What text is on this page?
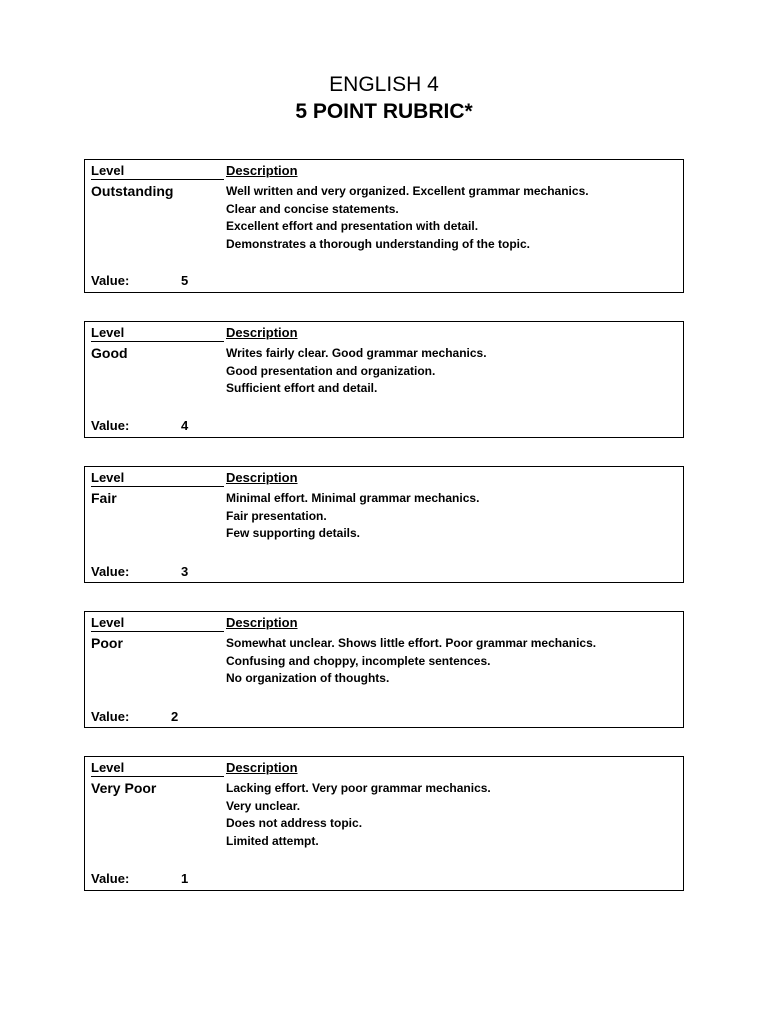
ENGLISH 4
5 POINT RUBRIC*
Level	Description
Outstanding	Well written and very organized. Excellent grammar mechanics.
Clear and concise statements.
Excellent effort and presentation with detail.
Demonstrates a thorough understanding of the topic.
Value:	5
Level	Description
Good	Writes fairly clear. Good grammar mechanics.
Good presentation and organization.
Sufficient effort and detail.
Value:	4
Level	Description
Fair	Minimal effort. Minimal grammar mechanics.
Fair presentation.
Few supporting details.
Value:	3
Level	Description
Poor	Somewhat unclear. Shows little effort. Poor grammar mechanics.
Confusing and choppy, incomplete sentences.
No organization of thoughts.
Value:	2
Level	Description
Very Poor	Lacking effort. Very poor grammar mechanics.
Very unclear.
Does not address topic.
Limited attempt.
Value:	1
